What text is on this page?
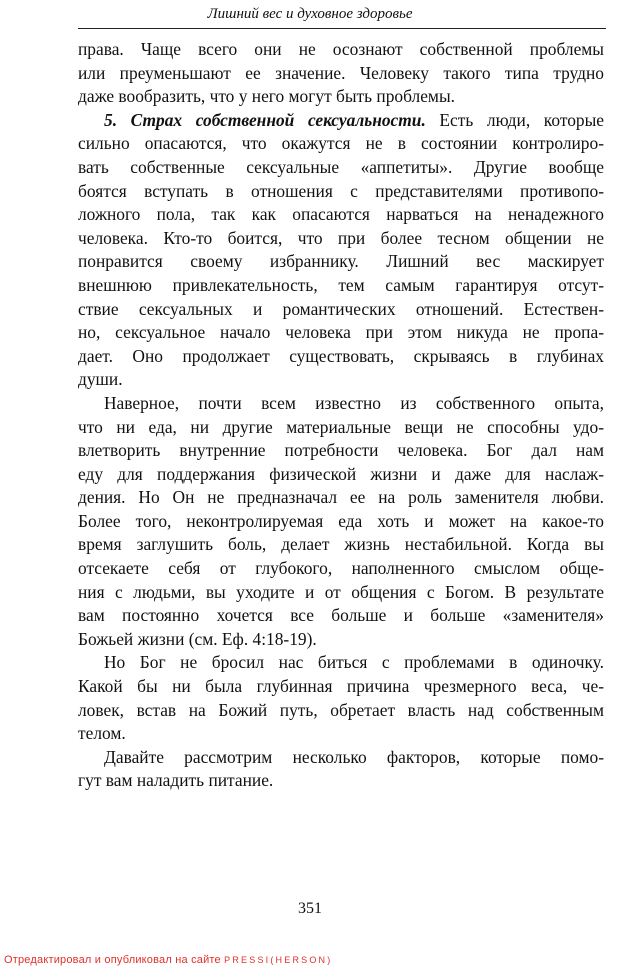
Лишний вес и духовное здоровье
права. Чаще всего они не осознают собственной проблемы
или преуменьшают ее значение. Человеку такого типа трудно
даже вообразить, что у него могут быть проблемы.
5. Страх собственной сексуальности. Есть люди, которые
сильно опасаются, что окажутся не в состоянии контролиро-
вать собственные сексуальные «аппетиты». Другие вообще
боятся вступать в отношения с представителями противопо-
ложного пола, так как опасаются нарваться на ненадежного
человека. Кто-то боится, что при более тесном общении не
понравится своему избраннику. Лишний вес маскирует
внешнюю привлекательность, тем самым гарантируя отсут-
ствие сексуальных и романтических отношений. Естествен-
но, сексуальное начало человека при этом никуда не пропа-
дает. Оно продолжает существовать, скрываясь в глубинах
души.
Наверное, почти всем известно из собственного опыта,
что ни еда, ни другие материальные вещи не способны удо-
влетворить внутренние потребности человека. Бог дал нам
еду для поддержания физической жизни и даже для наслаж-
дения. Но Он не предназначал ее на роль заменителя любви.
Более того, неконтролируемая еда хоть и может на какое-то
время заглушить боль, делает жизнь нестабильной. Когда вы
отсекаете себя от глубокого, наполненного смыслом обще-
ния с людьми, вы уходите и от общения с Богом. В результате
вам постоянно хочется все больше и больше «заменителя»
Божьей жизни (см. Еф. 4:18-19).
Но Бог не бросил нас биться с проблемами в одиночку.
Какой бы ни была глубинная причина чрезмерного веса, че-
ловек, встав на Божий путь, обретает власть над собственным
телом.
Давайте рассмотрим несколько факторов, которые помо-
гут вам наладить питание.
351
Отредактировал и опубликовал на сайте PRESSI(HERSON)
